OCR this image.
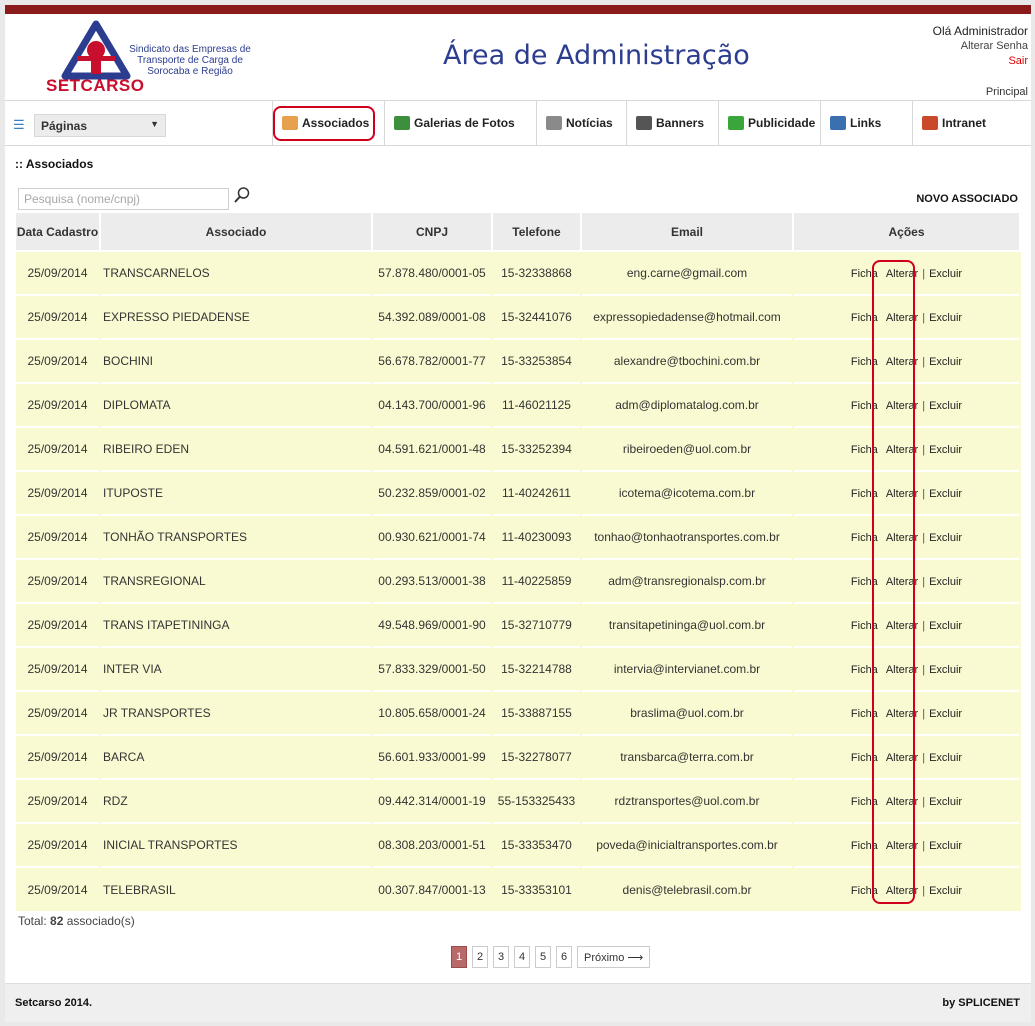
SETCARSO
Sindicato das Empresas de Transporte de Carga de Sorocaba e Região
Área de Administração
Olá Administrador
Alterar Senha
Sair
Principal
☰	Páginas	▼	Associados	Galerias de Fotos	Notícias	Banners	Publicidade	Links	Intranet
:: Associados
Pesquisa (nome/cnpj)
NOVO ASSOCIADO
Data Cadastro	Associado	CNPJ	Telefone	Email	Ações
25/09/2014	TRANSCARNELOS	57.878.480/0001-05	15-32338868	eng.carne@gmail.com	Ficha Alterar | Excluir
25/09/2014	EXPRESSO PIEDADENSE	54.392.089/0001-08	15-32441076	expressopiedadense@hotmail.com	Ficha Alterar | Excluir
25/09/2014	BOCHINI	56.678.782/0001-77	15-33253854	alexandre@tbochini.com.br	Ficha Alterar | Excluir
25/09/2014	DIPLOMATA	04.143.700/0001-96	11-46021125	adm@diplomatalog.com.br	Ficha Alterar | Excluir
25/09/2014	RIBEIRO EDEN	04.591.621/0001-48	15-33252394	ribeiroeden@uol.com.br	Ficha Alterar | Excluir
25/09/2014	ITUPOSTE	50.232.859/0001-02	11-40242611	icotema@icotema.com.br	Ficha Alterar | Excluir
25/09/2014	TONHÃO TRANSPORTES	00.930.621/0001-74	11-40230093	tonhao@tonhaotransportes.com.br	Ficha Alterar | Excluir
25/09/2014	TRANSREGIONAL	00.293.513/0001-38	11-40225859	adm@transregionalsp.com.br	Ficha Alterar | Excluir
25/09/2014	TRANS ITAPETININGA	49.548.969/0001-90	15-32710779	transitapetininga@uol.com.br	Ficha Alterar | Excluir
25/09/2014	INTER VIA	57.833.329/0001-50	15-32214788	intervia@intervianet.com.br	Ficha Alterar | Excluir
25/09/2014	JR TRANSPORTES	10.805.658/0001-24	15-33887155	braslima@uol.com.br	Ficha Alterar | Excluir
25/09/2014	BARCA	56.601.933/0001-99	15-32278077	transbarca@terra.com.br	Ficha Alterar | Excluir
25/09/2014	RDZ	09.442.314/0001-19	55-153325433	rdztransportes@uol.com.br	Ficha Alterar | Excluir
25/09/2014	INICIAL TRANSPORTES	08.308.203/0001-51	15-33353470	poveda@inicialtransportes.com.br	Ficha Alterar | Excluir
25/09/2014	TELEBRASIL	00.307.847/0001-13	15-33353101	denis@telebrasil.com.br	Ficha Alterar | Excluir
Total: 82 associado(s)
1	2	3	4	5	6	Próximo ⟶
Setcarso 2014.	by SPLICENET
